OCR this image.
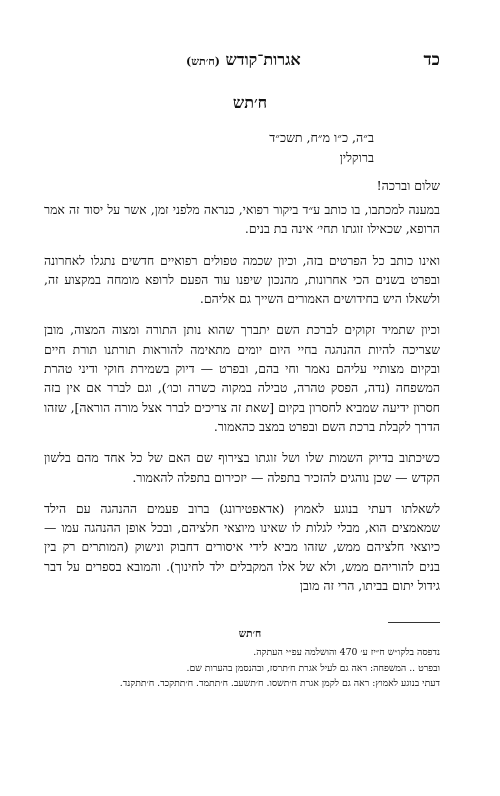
כד
אגרות־קודש (ח׳תש)
ח׳תש
ב״ה, כ״ו מ״ח, תשכ״ד
ברוקלין
שלום וברכה!

במענה למכתבו, בו כותב ע״ד ביקור רפואי, כנראה מלפני זמן, אשר על יסוד זה אמר הרופא, שכאילו זוגתו תחי׳ אינה בת בנים.

ואינו כותב כל הפרטים בזה, וכיון שכמה טפולים רפואיים חדשים נתגלו לאחרונה ובפרט בשנים הכי אחרונות, מהנכון שיפנו עוד הפעם לרופא מומחה במקצוע זה, ולשאלו היש בחידושים האמורים השייך גם אליהם.

וכיון שתמיד זקוקים לברכת השם יתברך שהוא נותן התורה ומצוה המצוה, מובן שצריכה להיות ההנהגה בחיי היום יומים מתאימה להוראות תורתנו תורת חיים ובקיום מצותיי עליהם נאמר וחי בהם, ובפרט — דיוק בשמירת חוקי ודיני טהרת המשפחה (נדה, הפסק טהרה, טבילה במקוה כשרה וכו׳), וגם לברר אם אין בזה חסרון ידיעה שמביא לחסרון בקיום [שאת זה צריכים לברר אצל מורה הוראה], שזהו הדרך לקבלת ברכת השם ובפרט במצב כהאמור.

כשיכתוב בדיוק השמות שלו ושל זוגתו בצירוף שם האם של כל אחד מהם בלשון הקדש — שכן נוהגים להזכיר בתפלה — יזכירום בתפלה להאמור.

לשאלתו דעתי בנוגע לאמוץ (אדאפטירונג) ברוב פעמים ההנהגה עם הילד שמאמצים הוא, מבלי לגלות לו שאינו מיוצאי חלציהם, ובכל אופן ההנהגה עמו — כיוצאי חלציהם ממש, שזהו מביא לידי איסורים דחבוק ונישוק (המותרים רק בין בנים להוריהם ממש, ולא של אלו המקבלים ילד לחינוך). והמובא בספרים על דבר גידול יתום בביתו, הרי זה מובן

ח׳תש

נדפסה בלקו״ש ח״יז ע׳ 470 והושלמה עפ״י העתקה.

ובפרט .. המשפחה: ראה גם לעיל אגרת ח׳תרסז, ובהנסמן בהערות שם.

דעתי בנוגע לאמוץ: ראה גם לקמן אגרת ח׳תשסו. ח׳תשעב. ח׳תתמד. ח׳תתקכד. ח׳תתקנד.
